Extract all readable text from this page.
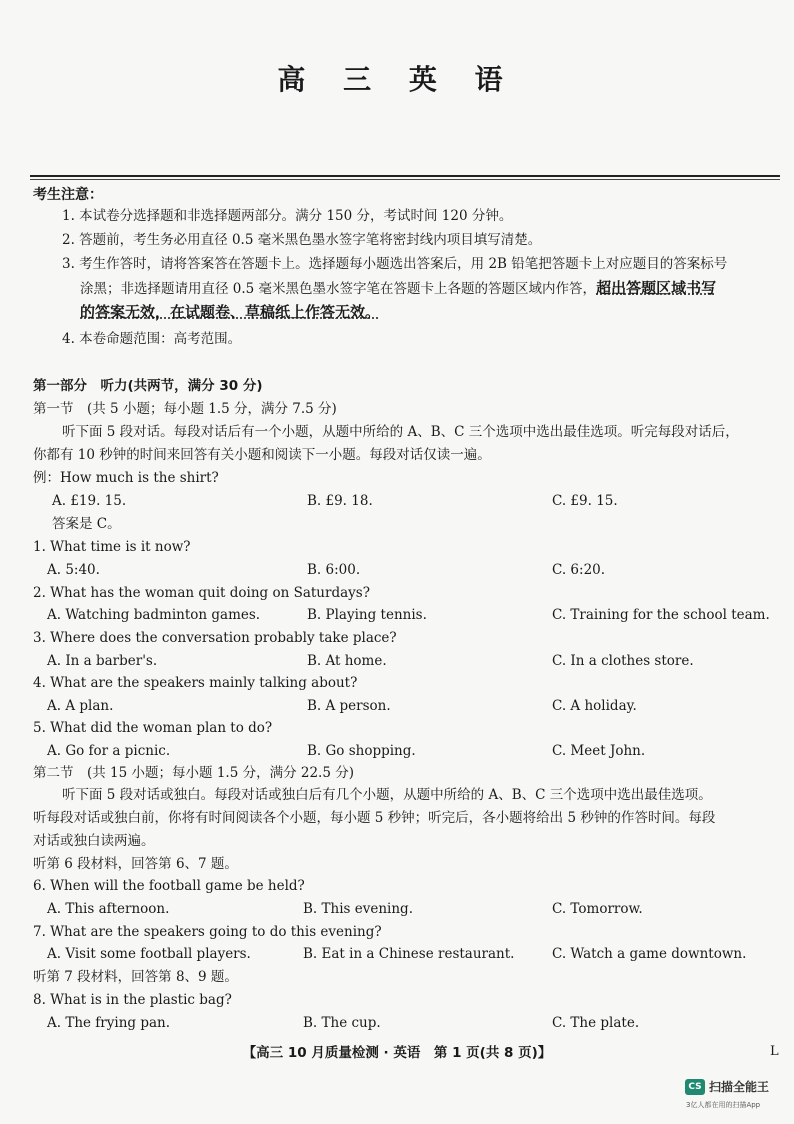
高 三 英 语
考生注意：
1. 本试卷分选择题和非选择题两部分。满分 150 分，考试时间 120 分钟。
2. 答题前，考生务必用直径 0.5 毫米黑色墨水签字笔将密封线内项目填写清楚。
3. 考生作答时，请将答案答在答题卡上。选择题每小题选出答案后，用 2B 铅笔把答题卡上对应题目的答案标号
涂黑；非选择题请用直径 0.5 毫米黑色墨水签字笔在答题卡上各题的答题区域内作答，超出答题区域书写
的答案无效，在试题卷、草稿纸上作答无效。
4. 本卷命题范围：高考范围。
第一部分　听力(共两节，满分 30 分)
第一节　(共 5 小题；每小题 1.5 分，满分 7.5 分)
听下面 5 段对话。每段对话后有一个小题，从题中所给的 A、B、C 三个选项中选出最佳选项。听完每段对话后，
你都有 10 秒钟的时间来回答有关小题和阅读下一小题。每段对话仅读一遍。
例：How much is the shirt?
A. £19. 15.	B. £9. 18.	C. £9. 15.
答案是 C。
1. What time is it now?
A. 5:40.	B. 6:00.	C. 6:20.
2. What has the woman quit doing on Saturdays?
A. Watching badminton games.	B. Playing tennis.	C. Training for the school team.
3. Where does the conversation probably take place?
A. In a barber's.	B. At home.	C. In a clothes store.
4. What are the speakers mainly talking about?
A. A plan.	B. A person.	C. A holiday.
5. What did the woman plan to do?
A. Go for a picnic.	B. Go shopping.	C. Meet John.
第二节　(共 15 小题；每小题 1.5 分，满分 22.5 分)
听下面 5 段对话或独白。每段对话或独白后有几个小题，从题中所给的 A、B、C 三个选项中选出最佳选项。
听每段对话或独白前，你将有时间阅读各个小题，每小题 5 秒钟；听完后，各小题将给出 5 秒钟的作答时间。每段
对话或独白读两遍。
听第 6 段材料，回答第 6、7 题。
6. When will the football game be held?
A. This afternoon.	B. This evening.	C. Tomorrow.
7. What are the speakers going to do this evening?
A. Visit some football players.	B. Eat in a Chinese restaurant.	C. Watch a game downtown.
听第 7 段材料，回答第 8、9 题。
8. What is in the plastic bag?
A. The frying pan.	B. The cup.	C. The plate.
【高三 10 月质量检测 · 英语　第 1 页(共 8 页)】	L
CS 扫描全能王
3亿人都在用的扫描App
